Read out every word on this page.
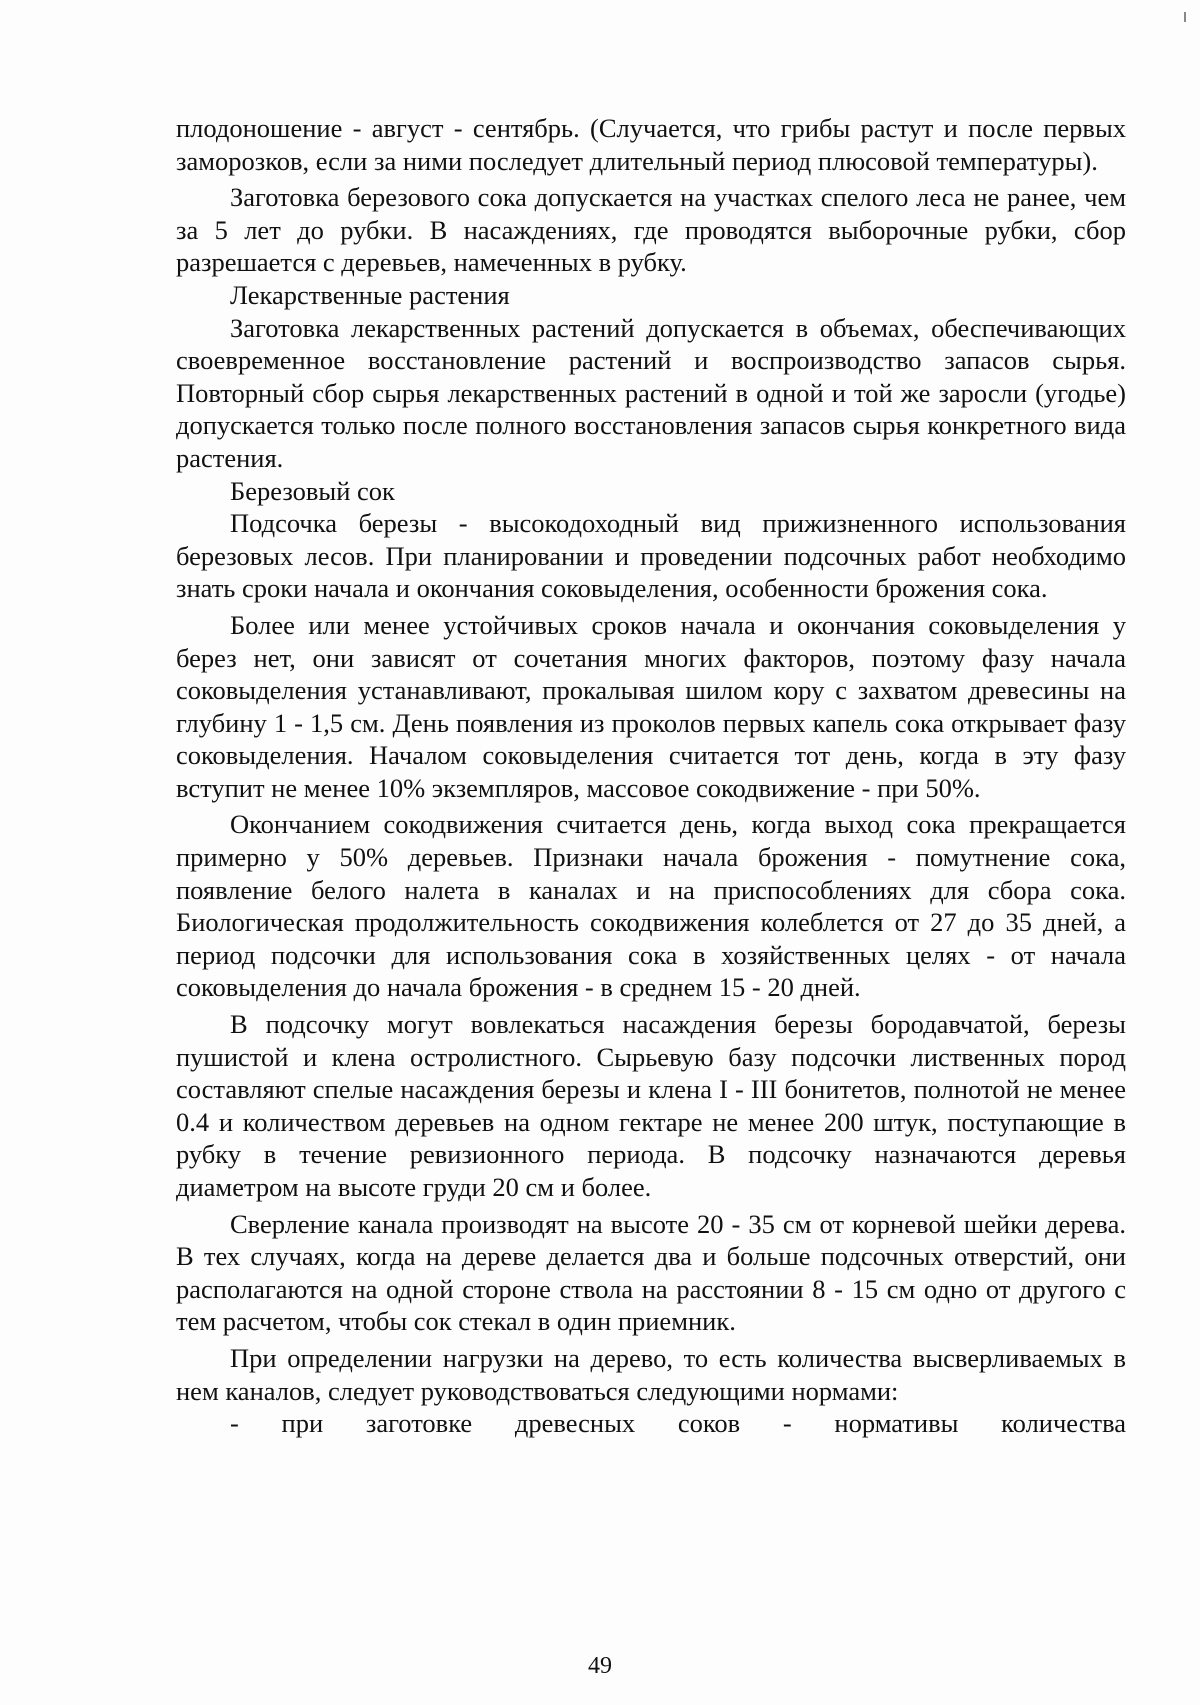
плодоношение - август - сентябрь. (Случается, что грибы растут и после первых заморозков, если за ними последует длительный период плюсовой температуры).

Заготовка березового сока допускается на участках спелого леса не ранее, чем за 5 лет до рубки. В насаждениях, где проводятся выборочные рубки, сбор разрешается с деревьев, намеченных в рубку.

Лекарственные растения

Заготовка лекарственных растений допускается в объемах, обеспечивающих своевременное восстановление растений и воспроизводство запасов сырья. Повторный сбор сырья лекарственных растений в одной и той же заросли (угодье) допускается только после полного восстановления запасов сырья конкретного вида растения.

Березовый сок

Подсочка березы - высокодоходный вид прижизненного использования березовых лесов. При планировании и проведении подсочных работ необходимо знать сроки начала и окончания соковыделения, особенности брожения сока.

Более или менее устойчивых сроков начала и окончания соковыделения у берез нет, они зависят от сочетания многих факторов, поэтому фазу начала соковыделения устанавливают, прокалывая шилом кору с захватом древесины на глубину 1 - 1,5 см. День появления из проколов первых капель сока открывает фазу соковыделения. Началом соковыделения считается тот день, когда в эту фазу вступит не менее 10% экземпляров, массовое сокодвижение - при 50%.

Окончанием сокодвижения считается день, когда выход сока прекращается примерно у 50% деревьев. Признаки начала брожения - помутнение сока, появление белого налета в каналах и на приспособлениях для сбора сока. Биологическая продолжительность сокодвижения колеблется от 27 до 35 дней, а период подсочки для использования сока в хозяйственных целях - от начала соковыделения до начала брожения - в среднем 15 - 20 дней.

В подсочку могут вовлекаться насаждения березы бородавчатой, березы пушистой и клена остролистного. Сырьевую базу подсочки лиственных пород составляют спелые насаждения березы и клена I - III бонитетов, полнотой не менее 0.4 и количеством деревьев на одном гектаре не менее 200 штук, поступающие в рубку в течение ревизионного периода. В подсочку назначаются деревья диаметром на высоте груди 20 см и более.

Сверление канала производят на высоте 20 - 35 см от корневой шейки дерева. В тех случаях, когда на дереве делается два и больше подсочных отверстий, они располагаются на одной стороне ствола на расстоянии 8 - 15 см одно от другого с тем расчетом, чтобы сок стекал в один приемник.

При определении нагрузки на дерево, то есть количества высверливаемых в нем каналов, следует руководствоваться следующими нормами:

- при заготовке древесных соков - нормативы количества

49
